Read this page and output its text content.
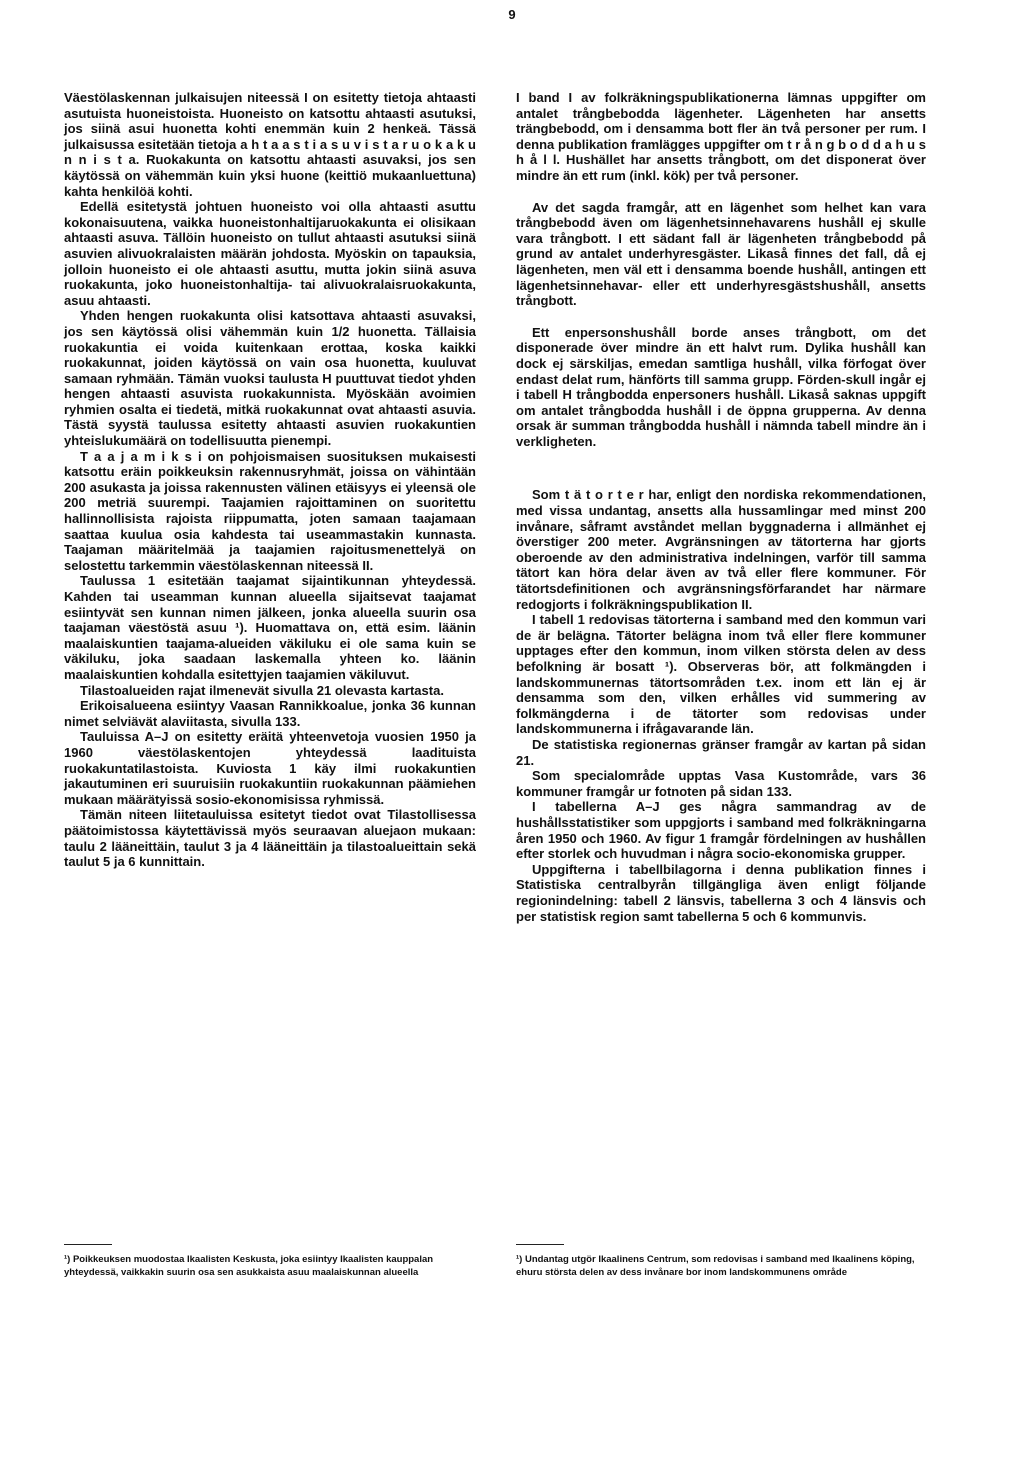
9

Väestölaskennan julkaisujen niteessä I on esitetty tietoja ahtaasti asutuista huoneistoista. Huoneisto on katsottu ahtaasti asutuksi, jos siinä asui huonetta kohti enemmän kuin 2 henkeä. Tässä julkaisussa esitetään tietoja a h t a a s t i a s u v i s t a r u o k a k u n n i s t a. Ruokakunta on katsottu ahtaasti asuvaksi, jos sen käytössä on vähemmän kuin yksi huone (keittiö mukaanluettuna) kahta henkilöä kohti.

Edellä esitetystä johtuen huoneisto voi olla ahtaasti asuttu kokonaisuutena, vaikka huoneistonhaltijaruokakunta ei olisikaan ahtaasti asuva. Tällöin huoneisto on tullut ahtaasti asutuksi siinä asuvien alivuokralaisten määrän johdosta. Myöskin on tapauksia, jolloin huoneisto ei ole ahtaasti asuttu, mutta jokin siinä asuva ruokakunta, joko huoneistonhaltija- tai alivuokralaisruokakunta, asuu ahtaasti.

Yhden hengen ruokakunta olisi katsottava ahtaasti asuvaksi, jos sen käytössä olisi vähemmän kuin 1/2 huonetta. Tällaisia ruokakuntia ei voida kuitenkaan erottaa, koska kaikki ruokakunnat, joiden käytössä on vain osa huonetta, kuuluvat samaan ryhmään. Tämän vuoksi taulusta H puuttuvat tiedot yhden hengen ahtaasti asuvista ruokakunnista. Myöskään avoimien ryhmien osalta ei tiedetä, mitkä ruokakunnat ovat ahtaasti asuvia. Tästä syystä taulussa esitetty ahtaasti asuvien ruokakuntien yhteislukumäärä on todellisuutta pienempi.

T a a j a m i k s i on pohjoismaisen suosituksen mukaisesti katsottu eräin poikkeuksin rakennusryhmät, joissa on vähintään 200 asukasta ja joissa rakennusten välinen etäisyys ei yleensä ole 200 metriä suurempi. Taajamien rajoittaminen on suoritettu hallinnollisista rajoista riippumatta, joten samaan taajamaan saattaa kuulua osia kahdesta tai useammastakin kunnasta. Taajaman määritelmää ja taajamien rajoitusmenettelyä on selostettu tarkemmin väestölaskennan niteessä II.

Taulussa 1 esitetään taajamat sijaintikunnan yhteydessä. Kahden tai useamman kunnan alueella sijaitsevat taajamat esiintyvät sen kunnan nimen jälkeen, jonka alueella suurin osa taajaman väestöstä asuu ¹). Huomattava on, että esim. läänin maalaiskuntien taajama-alueiden väkiluku ei ole sama kuin se väkiluku, joka saadaan laskemalla yhteen ko. läänin maalaiskuntien kohdalla esitettyjen taajamien väkiluvut.

Tilastoalueiden rajat ilmenevät sivulla 21 olevasta kartasta.

Erikoisalueena esiintyy Vaasan Rannikkoalue, jonka 36 kunnan nimet selviävät alaviitasta, sivulla 133.

Tauluissa A–J on esitetty eräitä yhteenvetoja vuosien 1950 ja 1960 väestölaskentojen yhteydessä laadituista ruokakuntatilastoista. Kuviosta 1 käy ilmi ruokakuntien jakautuminen eri suuruisiin ruokakuntiin ruokakunnan päämiehen mukaan määrätyissä sosio-ekonomisissa ryhmissä.

Tämän niteen liitetauluissa esitetyt tiedot ovat Tilastollisessa päätoimistossa käytettävissä myös seuraavan aluejaon mukaan: taulu 2 lääneittäin, taulut 3 ja 4 lääneittäin ja tilastoalueittain sekä taulut 5 ja 6 kunnittain.

I band I av folkräkningspublikationerna lämnas uppgifter om antalet trångbebodda lägenheter. Lägenheten har ansetts trängbebodd, om i densamma bott fler än två personer per rum. I denna publikation framlägges uppgifter om t r å n g b o d d a h u s h å l l. Hushället har ansetts trångbott, om det disponerat över mindre än ett rum (inkl. kök) per två personer.

Av det sagda framgår, att en lägenhet som helhet kan vara trångbebodd även om lägenhetsinnehavarens hushåll ej skulle vara trångbott. I ett sädant fall är lägenheten trångbebodd på grund av antalet underhyresgäster. Likaså finnes det fall, då ej lägenheten, men väl ett i densamma boende hushåll, antingen ett lägenhetsinnehavar- eller ett underhyresgästshushåll, ansetts trångbott.

Ett enpersonshushåll borde anses trångbott, om det disponerade över mindre än ett halvt rum. Dylika hushåll kan dock ej särskiljas, emedan samtliga hushåll, vilka förfogat över endast delat rum, hänförts till samma grupp. Förden-skull ingår ej i tabell H trångbodda enpersoners hushåll. Likaså saknas uppgift om antalet trångbodda hushåll i de öppna grupperna. Av denna orsak är summan trångbodda hushåll i nämnda tabell mindre än i verkligheten.

Som t ä t o r t e r har, enligt den nordiska rekommendationen, med vissa undantag, ansetts alla hussamlingar med minst 200 invånare, såframt avståndet mellan byggnaderna i allmänhet ej överstiger 200 meter. Avgränsningen av tätorterna har gjorts oberoende av den administrativa indelningen, varför till samma tätort kan höra delar även av två eller flere kommuner. För tätortsdefinitionen och avgränsningsförfarandet har närmare redogjorts i folkräkningspublikation II.

I tabell 1 redovisas tätorterna i samband med den kommun vari de är belägna. Tätorter belägna inom två eller flere kommuner upptages efter den kommun, inom vilken största delen av dess befolkning är bosatt ¹). Observeras bör, att folkmängden i landskommunernas tätortsområden t.ex. inom ett län ej är densamma som den, vilken erhålles vid summering av folkmängderna i de tätorter som redovisas under landskommunerna i ifrågavarande län.

De statistiska regionernas gränser framgår av kartan på sidan 21.

Som specialområde upptas Vasa Kustområde, vars 36 kommuner framgår ur fotnoten på sidan 133.

I tabellerna A–J ges några sammandrag av de hushållsstatistiker som uppgjorts i samband med folkräkningarna åren 1950 och 1960. Av figur 1 framgår fördelningen av hushållen efter storlek och huvudman i några socio-ekonomiska grupper.

Uppgifterna i tabellbilagorna i denna publikation finnes i Statistiska centralbyrån tillgängliga även enligt följande regionindelning: tabell 2 länsvis, tabellerna 3 och 4 länsvis och per statistisk region samt tabellerna 5 och 6 kommunvis.

¹) Poikkeuksen muodostaa Ikaalisten Keskusta, joka esiintyy Ikaalisten kauppalan yhteydessä, vaikkakin suurin osa sen asukkaista asuu maalaiskunnan alueella
¹) Undantag utgör Ikaalinens Centrum, som redovisas i samband med Ikaalinens köping, ehuru största delen av dess invånare bor inom landskommunens område
